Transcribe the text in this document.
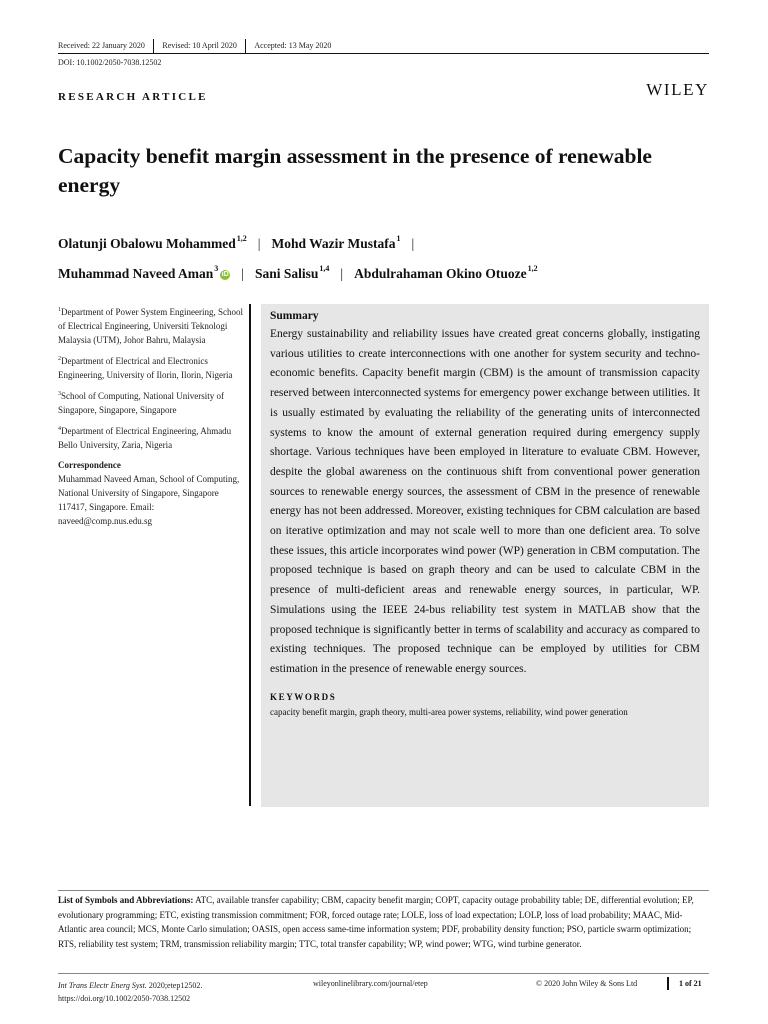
Received: 22 January 2020	Revised: 10 April 2020	Accepted: 13 May 2020
DOI: 10.1002/2050-7038.12502
RESEARCH ARTICLE	WILEY
Capacity benefit margin assessment in the presence of renewable energy
Olatunji Obalowu Mohammed$^{1,2}$ | Mohd Wazir Mustafa$^1$ |
Muhammad Naveed Aman$^3$iD | Sani Salisu$^{1,4}$ | Abdulrahaman Okino Otuoze$^{1,2}$

$^1$Department of Power System Engineering, School of Electrical Engineering, Universiti Teknologi Malaysia (UTM), Johor Bahru, Malaysia

$^2$Department of Electrical and Electronics Engineering, University of Ilorin, Ilorin, Nigeria

$^3$School of Computing, National University of Singapore, Singapore, Singapore

$^4$Department of Electrical Engineering, Ahmadu Bello University, Zaria, Nigeria

Correspondence
Muhammad Naveed Aman, School of Computing, National University of Singapore, Singapore 117417, Singapore. Email: naveed@comp.nus.edu.sg
Summary
Energy sustainability and reliability issues have created great concerns globally, instigating various utilities to create interconnections with one another for system security and techno-economic benefits. Capacity benefit margin (CBM) is the amount of transmission capacity reserved between interconnected systems for emergency power exchange between utilities. It is usually estimated by evaluating the reliability of the generating units of interconnected systems to know the amount of external generation required during emergency supply shortage. Various techniques have been employed in literature to evaluate CBM. However, despite the global awareness on the continuous shift from conventional power generation sources to renewable energy sources, the assessment of CBM in the presence of renewable energy has not been addressed. Moreover, existing techniques for CBM calculation are based on iterative optimization and may not scale well to more than one deficient area. To solve these issues, this article incorporates wind power (WP) generation in CBM computation. The proposed technique is based on graph theory and can be used to calculate CBM in the presence of multi-deficient areas and renewable energy sources, in particular, WP. Simulations using the IEEE 24-bus reliability test system in MATLAB show that the proposed technique is significantly better in terms of scalability and accuracy as compared to existing techniques. The proposed technique can be employed by utilities for CBM estimation in the presence of renewable energy sources.
KEYWORDS
capacity benefit margin, graph theory, multi-area power systems, reliability, wind power generation
List of Symbols and Abbreviations: ATC, available transfer capability; CBM, capacity benefit margin; COPT, capacity outage probability table; DE, differential evolution; EP, evolutionary programming; ETC, existing transmission commitment; FOR, forced outage rate; LOLE, loss of load expectation; LOLP, loss of load probability; MAAC, Mid-Atlantic area council; MCS, Monte Carlo simulation; OASIS, open access same-time information system; PDF, probability density function; PSO, particle swarm optimization; RTS, reliability test system; TRM, transmission reliability margin; TTC, total transfer capability; WP, wind power; WTG, wind turbine generator.
Int Trans Electr Energ Syst. 2020;etep12502.
https://doi.org/10.1002/2050-7038.12502
wileyonlinelibrary.com/journal/etep	© 2020 John Wiley & Sons Ltd	1 of 21
